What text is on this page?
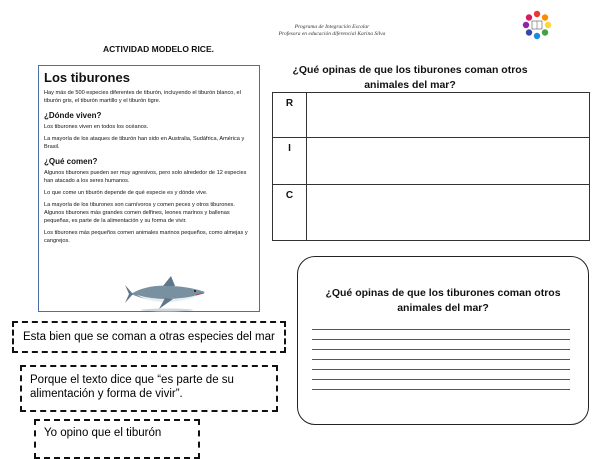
Programa de Integración Escolar
Profesora en educación diferencial Karina Silva
ACTIVIDAD MODELO RICE.
Los tiburones

Hay más de 500 especies diferentes de tiburón, incluyendo el tiburón blanco, el tiburón gris, el tiburón martillo y el tiburón tigre.

¿Dónde viven?

Los tiburones viven en todos los océanos.

La mayoría de los ataques de tiburón han sido en Australia, Sudáfrica, América y Brasil.

¿Qué comen?

Algunos tiburones pueden ser muy agresivos, pero solo alrededor de 12 especies han atacado a los seres humanos.

Lo que come un tiburón depende de qué especie es y dónde vive.

La mayoría de los tiburones son carnívoros y comen peces y otros tiburones. Algunos tiburones más grandes comen delfines, leones marinos y ballenas pequeñas, es parte de la alimentación y su forma de vivir.

Los tiburones más pequeños comen animales marinos pequeños, como almejas y cangrejos.

¿Qué opinas de que los tiburones coman otros
animales del mar?
R	
I	
C	
¿Qué opinas de que los tiburones coman otros
animales del mar?
Esta bien que se coman a otras especies del mar
Porque el texto dice que “es parte de su
alimentación y forma de vivir”.
Yo opino que el tiburón
